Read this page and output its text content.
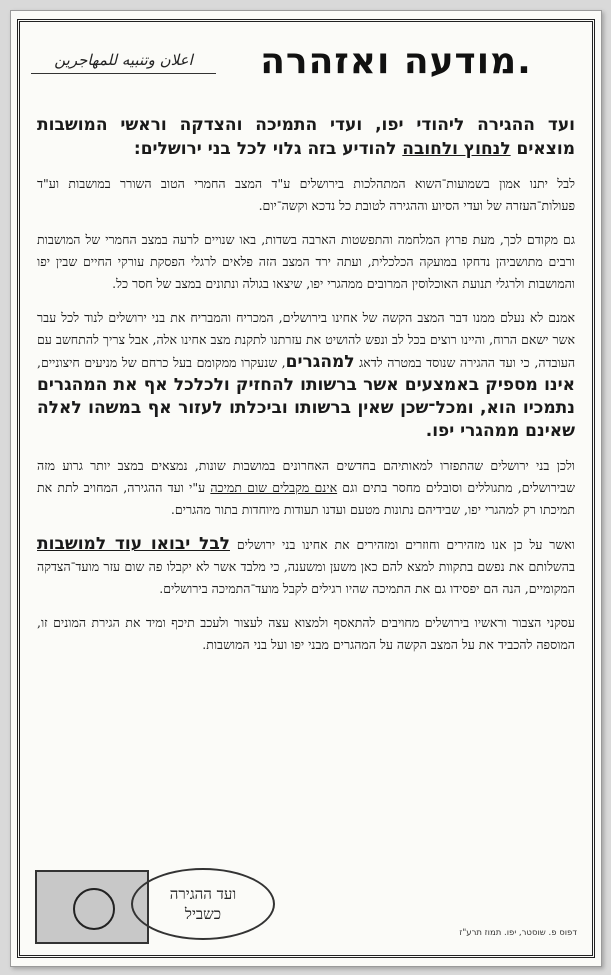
اعلان وتنبيه للمهاجرين	מודעה ואזהרה.

ועד ההגירה ליהודי יפו, ועדי התמיכה והצדקה וראשי המושבות מוצאים לנחוץ ולחובה להודיע בזה גלוי לכל בני ירושלים:

לבל יתנו אמון בשמועות־השוא המתהלכות בירושלים ע"ד המצב החמרי הטוב השורר במושבות וע"ד פעולות־העזרה של ועדי הסיוע וההגירה לטובת כל נדכא וקשה־יום.

גם מקודם לכך, מעת פרוץ המלחמה והתפשטות הארבה בשדות, באו שנויים לרעה במצב החמרי של המושבות ורבים מתושביהן נדחקו במועקה הכלכלית, ועתה ירד המצב הזה פלאים לרגלי הפסקת עורקי החיים שבין יפו והמושבות ולרגלי תנועת האוכלוסין המרובים ממהגרי יפו, שיצאו בגולה ונתונים במצב של חסר כל.

אמנם לא נעלם ממנו דבר המצב הקשה של אחינו בירושלים, המכריח והמבריח את בני ירושלים לנוד לכל עבר אשר ישאם הרוח, והיינו רוצים בכל לב ונפש להושיט את עזרתנו לתקנת מצב אחינו אלה, אבל צריך להתחשב עם העובדה, כי ועד ההגירה שנוסד במטרה לדאג למהגרים, שנעקרו ממקומם בעל כרחם של מניעים חיצוניים, אינו מספיק באמצעים אשר ברשותו להחזיק ולכלכל אף את המהגרים נתמכיו הוא, ומכל־שכן שאין ברשותו וביכלתו לעזור אף במשהו לאלה שאינם ממהגרי יפו.

ולכן בני ירושלים שהתפזרו למאותיהם בחדשים האחרונים במושבות שונות, נמצאים במצב יותר גרוע מזה שבירושלים, מתגוללים וסובלים מחסר בתים וגם אינם מקבלים שום תמיכה ע"י ועד ההגירה, המחויב לתת את תמיכתו רק למהגרי יפו, שבידיהם נתונות מטעם ועדנו תעודות מיוחדות בתור מהגרים.

ואשר על כן אנו מזהירים וחוזרים ומזהירים את אחינו בני ירושלים לבל יבואו עוד למושבות בהשלותם את נפשם בתקוות למצא להם כאן משען ומשענה, כי מלבד אשר לא יקבלו פה שום עזר מועד־הצדקה המקומיים, הנה הם יפסידו גם את התמיכה שהיו רגילים לקבל מועד־התמיכה בירושלים.

עסקני הצבור וראשיו בירושלים מחויבים להתאסף ולמצוא עצה לעצור ולעכב תיכף ומיד את הגירת המונים זו, המוספה להכביד את על המצב הקשה על המהגרים מבני יפו ועל בני המושבות.

ועד ההגירה
כשביל
דפוס פ. שוסטר, יפו. תמוז תרע"ז
